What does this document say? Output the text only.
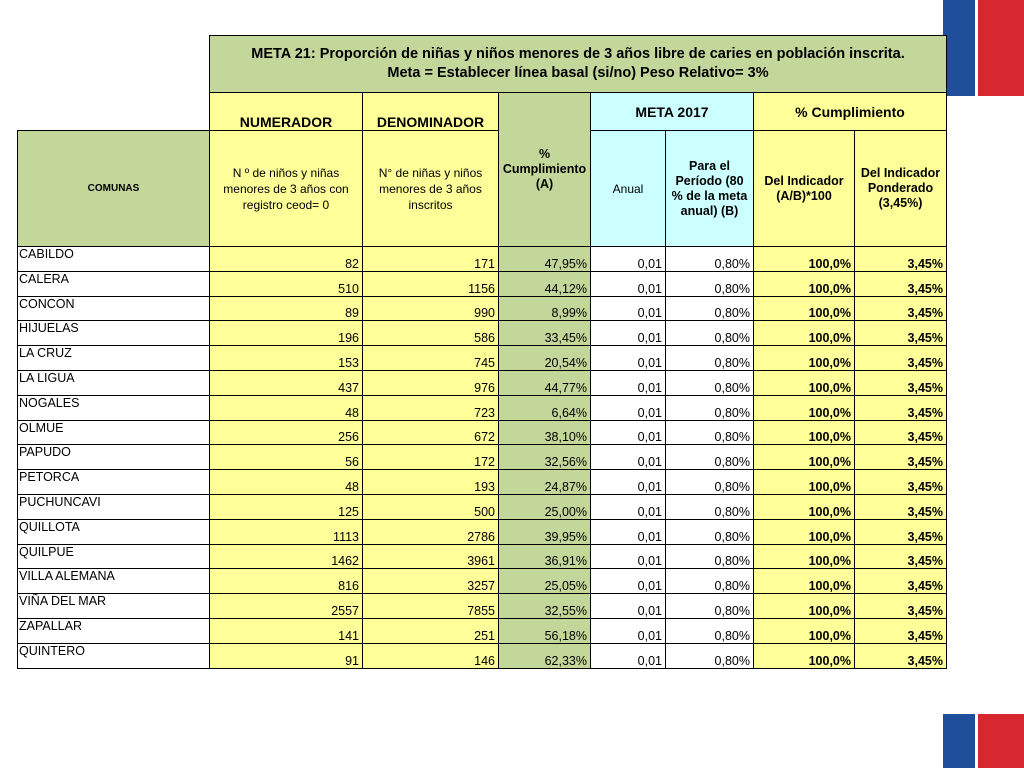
	META 21: Proporción de niñas y niños menores de 3 años libre de caries en población inscrita.
Meta = Establecer línea basal (si/no) Peso Relativo= 3%						

	NUMERADOR	DENOMINADOR	% Cumplimiento (A)	META 2017		% Cumplimiento	
COMUNAS	N º de niños y niñas menores de 3 años con registro ceod= 0	N° de niñas y niños menores de 3 años inscritos		Anual	Para el Período (80 % de la meta anual) (B)	Del Indicador (A/B)*100	Del Indicador Ponderado (3,45%)
CABILDO	82	171	47,95%	0,01	0,80%	100,0%	3,45%
CALERA	510	1156	44,12%	0,01	0,80%	100,0%	3,45%
CONCON	89	990	8,99%	0,01	0,80%	100,0%	3,45%
HIJUELAS	196	586	33,45%	0,01	0,80%	100,0%	3,45%
LA CRUZ	153	745	20,54%	0,01	0,80%	100,0%	3,45%
LA LIGUA	437	976	44,77%	0,01	0,80%	100,0%	3,45%
NOGALES	48	723	6,64%	0,01	0,80%	100,0%	3,45%
OLMUE	256	672	38,10%	0,01	0,80%	100,0%	3,45%
PAPUDO	56	172	32,56%	0,01	0,80%	100,0%	3,45%
PETORCA	48	193	24,87%	0,01	0,80%	100,0%	3,45%
PUCHUNCAVI	125	500	25,00%	0,01	0,80%	100,0%	3,45%
QUILLOTA	1113	2786	39,95%	0,01	0,80%	100,0%	3,45%
QUILPUE	1462	3961	36,91%	0,01	0,80%	100,0%	3,45%
VILLA ALEMANA	816	3257	25,05%	0,01	0,80%	100,0%	3,45%
VIÑA DEL MAR	2557	7855	32,55%	0,01	0,80%	100,0%	3,45%
ZAPALLAR	141	251	56,18%	0,01	0,80%	100,0%	3,45%
QUINTERO	91	146	62,33%	0,01	0,80%	100,0%	3,45%
